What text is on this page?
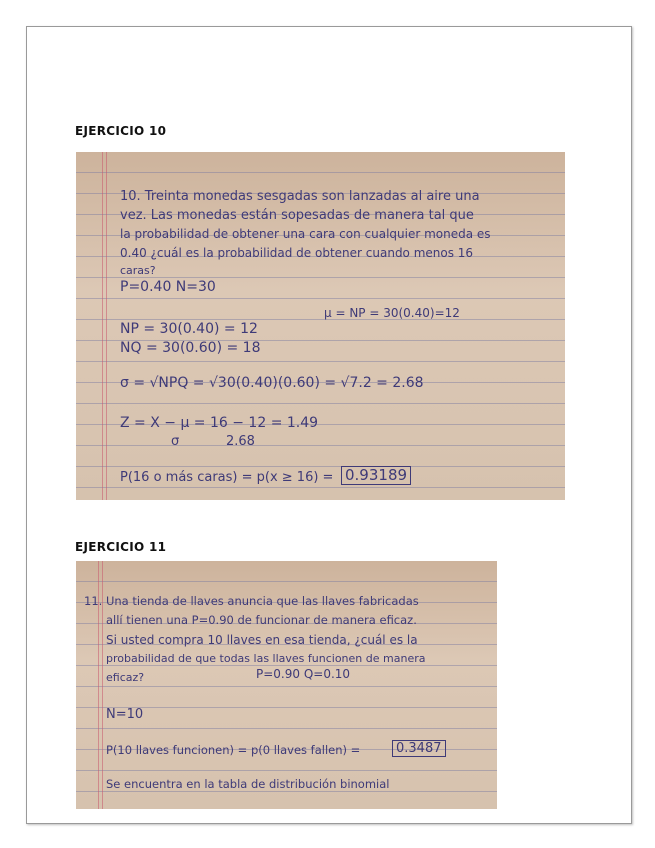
EJERCICIO 10
10. Treinta monedas sesgadas son lanzadas al aire una
vez. Las monedas están sopesadas de manera tal que
la probabilidad de obtener una cara con cualquier moneda es
0.40 ¿cuál es la probabilidad de obtener cuando menos 16
caras?
P=0.40 N=30
μ = NP = 30(0.40)=12
NP = 30(0.40) = 12
NQ = 30(0.60) = 18
σ = √NPQ = √30(0.40)(0.60) = √7.2 = 2.68
Z = X − μ = 16 − 12 = 1.49
σ	2.68
P(16 o más caras) = p(x ≥ 16) = 0.93189
EJERCICIO 11
11. Una tienda de llaves anuncia que las llaves fabricadas
allí tienen una P=0.90 de funcionar de manera eficaz.
Si usted compra 10 llaves en esa tienda, ¿cuál es la
probabilidad de que todas las llaves funcionen de manera
eficaz?	P=0.90 Q=0.10
N=10
P(10 llaves funcionen) = p(0 llaves fallen) =	0.3487
Se encuentra en la tabla de distribución binomial
